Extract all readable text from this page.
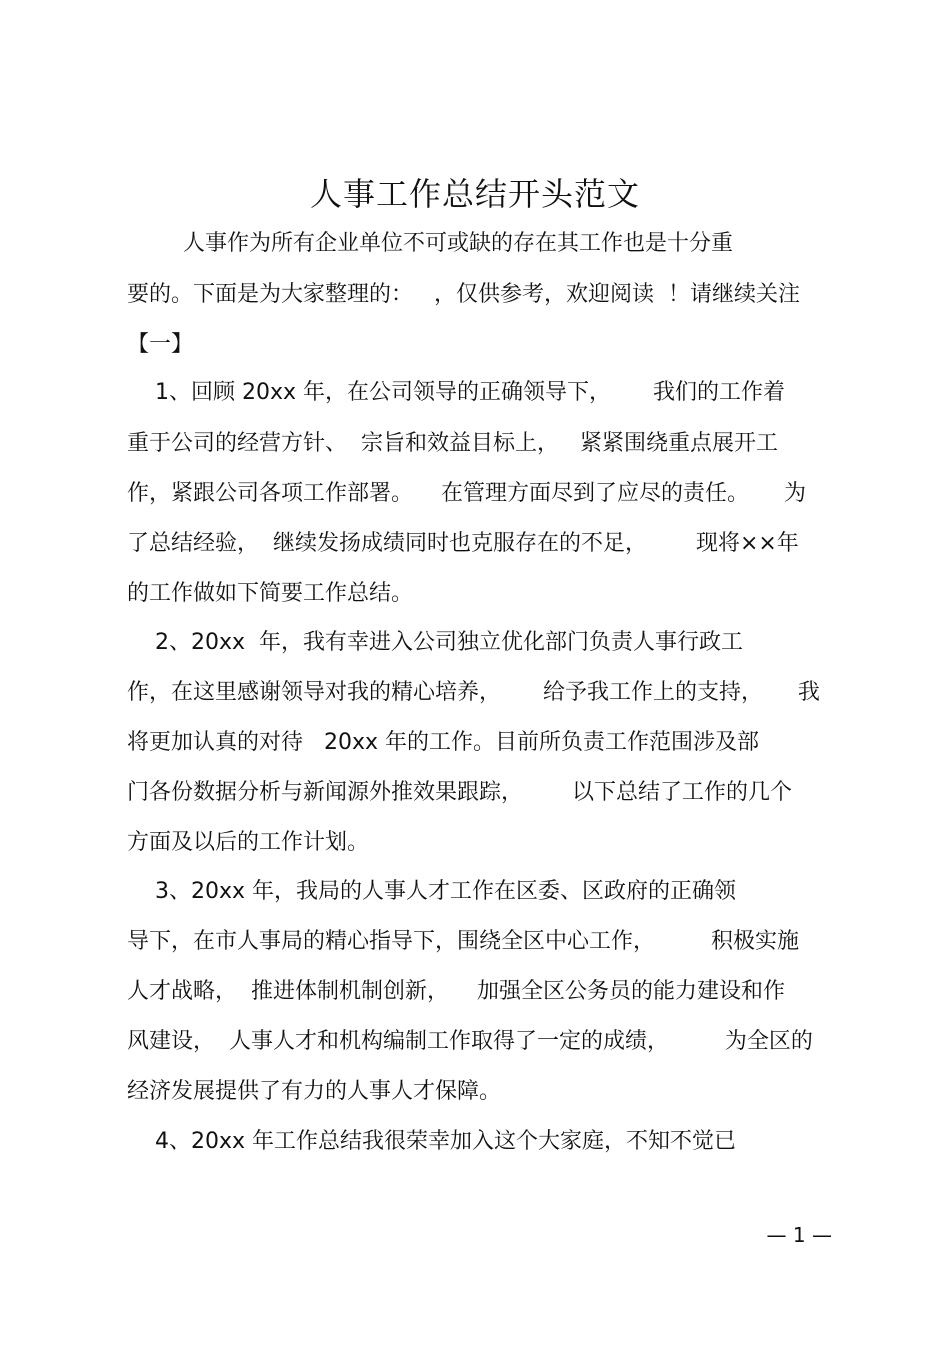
人事工作总结开头范文
人事作为所有企业单位不可或缺的存在其工作也是十分重
要的。下面是为大家整理的：   ，仅供参考，欢迎阅读  ！请继续关注
【一】
1、回顾 20xx 年，在公司领导的正确领导下，      我们的工作着
重于公司的经营方针、  宗旨和效益目标上，   紧紧围绕重点展开工
作，紧跟公司各项工作部署。    在管理方面尽到了应尽的责任。     为
了总结经验，  继续发扬成绩同时也克服存在的不足，       现将××年
的工作做如下简要工作总结。
2、20xx  年，我有幸进入公司独立优化部门负责人事行政工
作，在这里感谢领导对我的精心培养，      给予我工作上的支持，     我
将更加认真的对待   20xx 年的工作。目前所负责工作范围涉及部
门各份数据分析与新闻源外推效果跟踪，       以下总结了工作的几个
方面及以后的工作计划。
3、20xx 年，我局的人事人才工作在区委、区政府的正确领
导下，在市人事局的精心指导下，围绕全区中心工作，        积极实施
人才战略，  推进体制机制创新，    加强全区公务员的能力建设和作
风建设，  人事人才和机构编制工作取得了一定的成绩，        为全区的
经济发展提供了有力的人事人才保障。
4、20xx 年工作总结我很荣幸加入这个大家庭，不知不觉已
— 1 —
